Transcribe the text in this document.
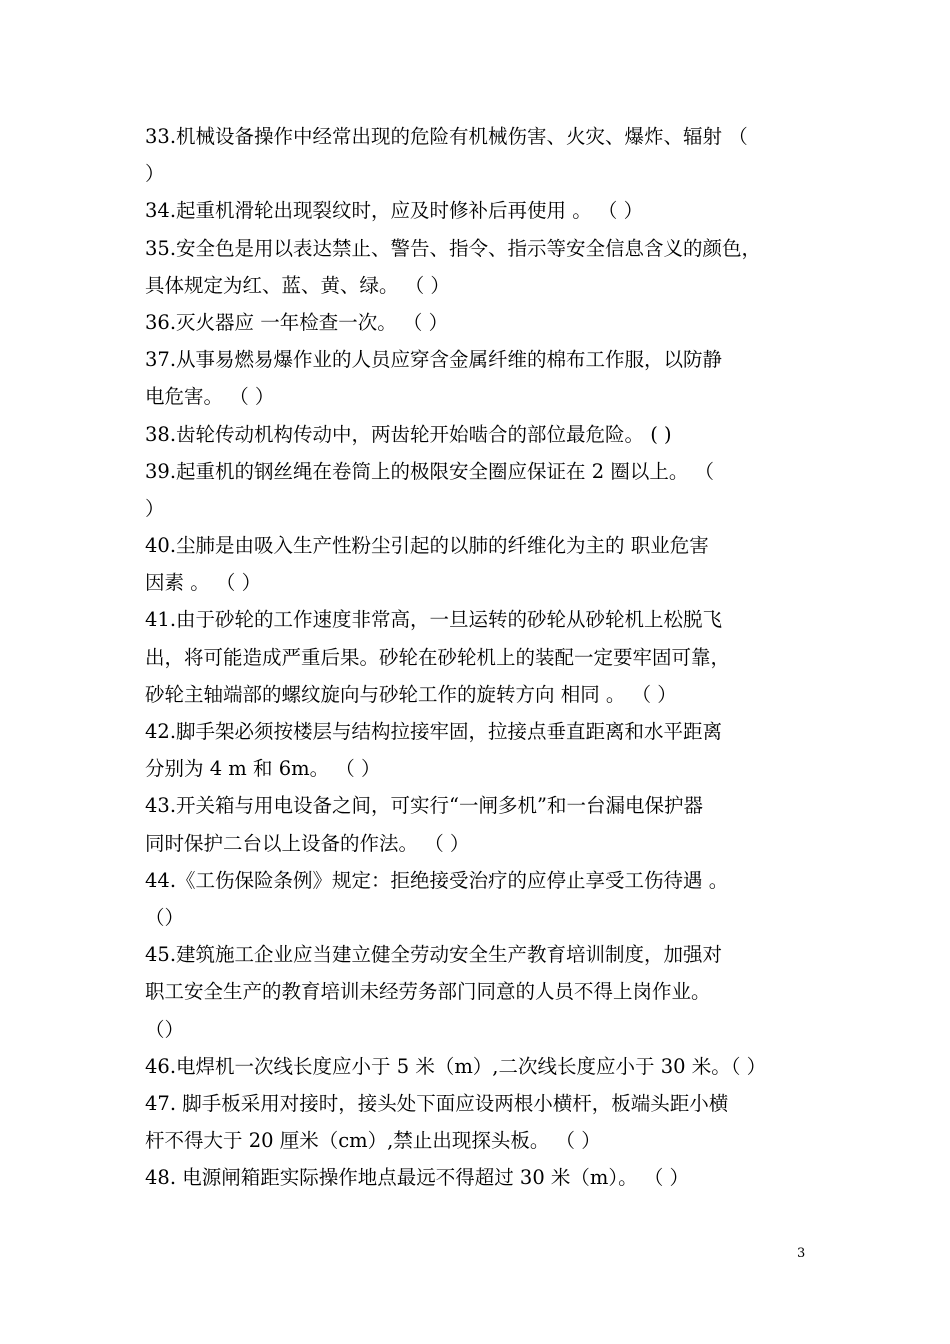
33.机械设备操作中经常出现的危险有机械伤害、火灾、爆炸、辐射 （
）
34.起重机滑轮出现裂纹时，应及时修补后再使用 。 （ ）
35.安全色是用以表达禁止、警告、指令、指示等安全信息含义的颜色，
具体规定为红、蓝、黄、绿。 （ ）
36.灭火器应 一年检查一次。 （ ）
37.从事易燃易爆作业的人员应穿含金属纤维的棉布工作服，以防静
电危害。 （ ）
38.齿轮传动机构传动中，两齿轮开始啮合的部位最危险。 ( )
39.起重机的钢丝绳在卷筒上的极限安全圈应保证在 2 圈以上。 （
）
40.尘肺是由吸入生产性粉尘引起的以肺的纤维化为主的 职业危害
因素 。 （ ）
41.由于砂轮的工作速度非常高，一旦运转的砂轮从砂轮机上松脱飞
出，将可能造成严重后果。砂轮在砂轮机上的装配一定要牢固可靠，
砂轮主轴端部的螺纹旋向与砂轮工作的旋转方向 相同 。 （ ）
42.脚手架必须按楼层与结构拉接牢固，拉接点垂直距离和水平距离
分别为 4 m 和 6m。 （ ）
43.开关箱与用电设备之间，可实行“一闸多机”和一台漏电保护器
同时保护二台以上设备的作法。 （ ）
44.《工伤保险条例》规定：拒绝接受治疗的应停止享受工伤待遇 。
（）
45.建筑施工企业应当建立健全劳动安全生产教育培训制度，加强对
职工安全生产的教育培训未经劳务部门同意的人员不得上岗作业。
（）
46.电焊机一次线长度应小于 5 米（m）,二次线长度应小于 30 米。（ ）
47. 脚手板采用对接时，接头处下面应设两根小横杆，板端头距小横
杆不得大于 20 厘米（cm）,禁止出现探头板。 （ ）
48. 电源闸箱距实际操作地点最远不得超过 30 米（m）。 （ ）
3
